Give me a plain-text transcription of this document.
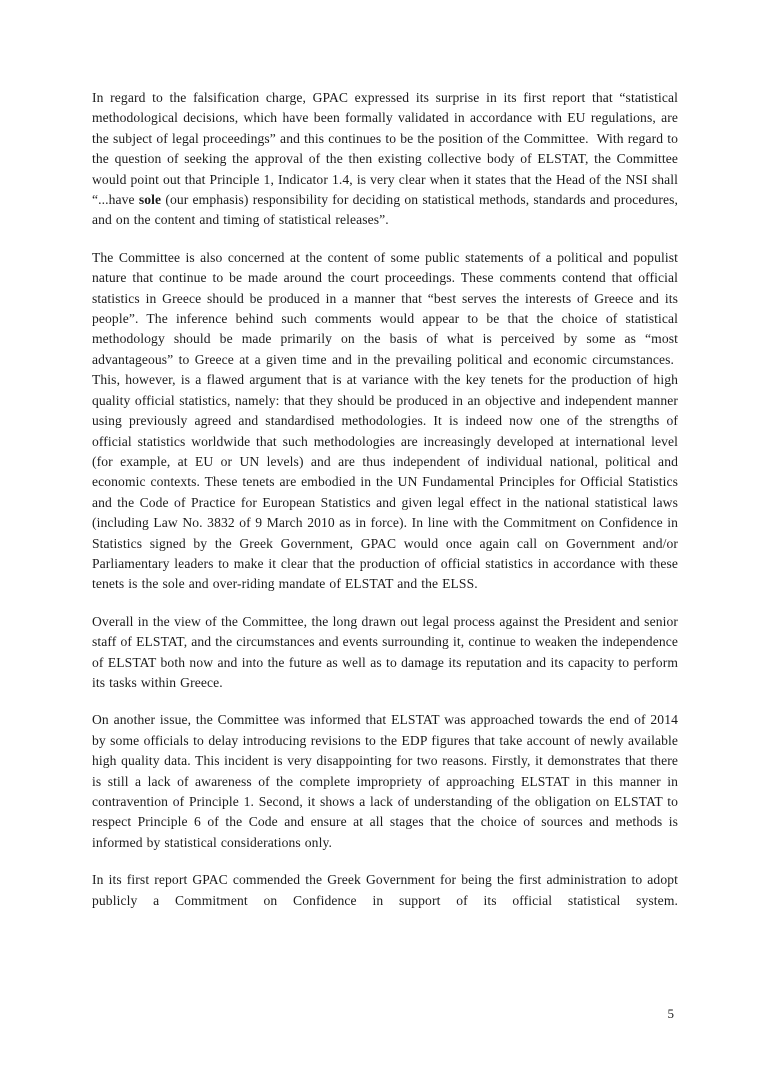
In regard to the falsification charge, GPAC expressed its surprise in its first report that “statistical methodological decisions, which have been formally validated in accordance with EU regulations, are the subject of legal proceedings” and this continues to be the position of the Committee.  With regard to the question of seeking the approval of the then existing collective body of ELSTAT, the Committee would point out that Principle 1, Indicator 1.4, is very clear when it states that the Head of the NSI shall “...have sole (our emphasis) responsibility for deciding on statistical methods, standards and procedures, and on the content and timing of statistical releases”.

The Committee is also concerned at the content of some public statements of a political and populist nature that continue to be made around the court proceedings. These comments contend that official statistics in Greece should be produced in a manner that “best serves the interests of Greece and its people”. The inference behind such comments would appear to be that the choice of statistical methodology should be made primarily on the basis of what is perceived by some as “most advantageous” to Greece at a given time and in the prevailing political and economic circumstances.  This, however, is a flawed argument that is at variance with the key tenets for the production of high quality official statistics, namely: that they should be produced in an objective and independent manner using previously agreed and standardised methodologies. It is indeed now one of the strengths of official statistics worldwide that such methodologies are increasingly developed at international level (for example, at EU or UN levels) and are thus independent of individual national, political and economic contexts. These tenets are embodied in the UN Fundamental Principles for Official Statistics and the Code of Practice for European Statistics and given legal effect in the national statistical laws (including Law No. 3832 of 9 March 2010 as in force). In line with the Commitment on Confidence in Statistics signed by the Greek Government, GPAC would once again call on Government and/or Parliamentary leaders to make it clear that the production of official statistics in accordance with these tenets is the sole and over-riding mandate of ELSTAT and the ELSS.

Overall in the view of the Committee, the long drawn out legal process against the President and senior staff of ELSTAT, and the circumstances and events surrounding it, continue to weaken the independence of ELSTAT both now and into the future as well as to damage its reputation and its capacity to perform its tasks within Greece.

On another issue, the Committee was informed that ELSTAT was approached towards the end of 2014 by some officials to delay introducing revisions to the EDP figures that take account of newly available high quality data. This incident is very disappointing for two reasons. Firstly, it demonstrates that there is still a lack of awareness of the complete impropriety of approaching ELSTAT in this manner in contravention of Principle 1. Second, it shows a lack of understanding of the obligation on ELSTAT to respect Principle 6 of the Code and ensure at all stages that the choice of sources and methods is informed by statistical considerations only.

In its first report GPAC commended the Greek Government for being the first administration to adopt publicly a Commitment on Confidence in support of its official statistical system.

5
